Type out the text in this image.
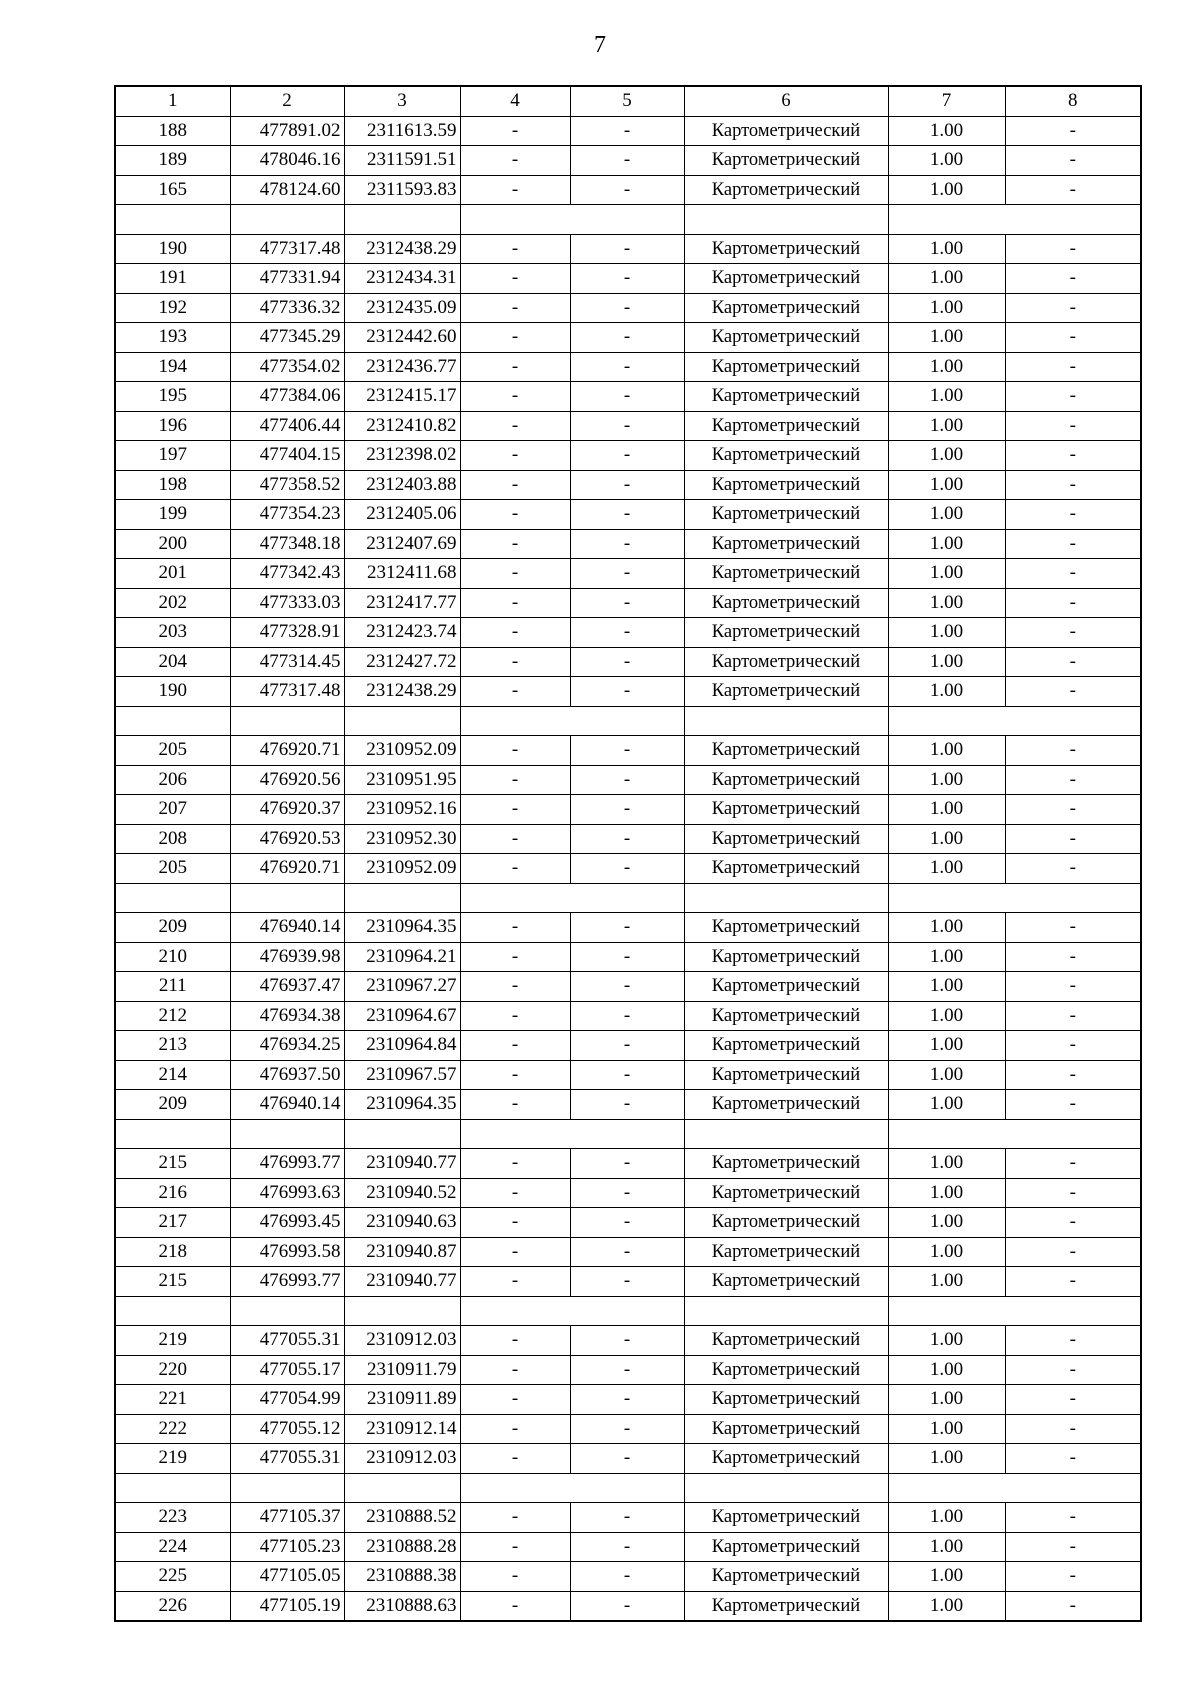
7
1	2	3	4	5	6	7	8
188	477891.02	2311613.59	-	-	Картометрический	1.00	-
189	478046.16	2311591.51	-	-	Картометрический	1.00	-
165	478124.60	2311593.83	-	-	Картометрический	1.00	-

190	477317.48	2312438.29	-	-	Картометрический	1.00	-
191	477331.94	2312434.31	-	-	Картометрический	1.00	-
192	477336.32	2312435.09	-	-	Картометрический	1.00	-
193	477345.29	2312442.60	-	-	Картометрический	1.00	-
194	477354.02	2312436.77	-	-	Картометрический	1.00	-
195	477384.06	2312415.17	-	-	Картометрический	1.00	-
196	477406.44	2312410.82	-	-	Картометрический	1.00	-
197	477404.15	2312398.02	-	-	Картометрический	1.00	-
198	477358.52	2312403.88	-	-	Картометрический	1.00	-
199	477354.23	2312405.06	-	-	Картометрический	1.00	-
200	477348.18	2312407.69	-	-	Картометрический	1.00	-
201	477342.43	2312411.68	-	-	Картометрический	1.00	-
202	477333.03	2312417.77	-	-	Картометрический	1.00	-
203	477328.91	2312423.74	-	-	Картометрический	1.00	-
204	477314.45	2312427.72	-	-	Картометрический	1.00	-
190	477317.48	2312438.29	-	-	Картометрический	1.00	-

205	476920.71	2310952.09	-	-	Картометрический	1.00	-
206	476920.56	2310951.95	-	-	Картометрический	1.00	-
207	476920.37	2310952.16	-	-	Картометрический	1.00	-
208	476920.53	2310952.30	-	-	Картометрический	1.00	-
205	476920.71	2310952.09	-	-	Картометрический	1.00	-

209	476940.14	2310964.35	-	-	Картометрический	1.00	-
210	476939.98	2310964.21	-	-	Картометрический	1.00	-
211	476937.47	2310967.27	-	-	Картометрический	1.00	-
212	476934.38	2310964.67	-	-	Картометрический	1.00	-
213	476934.25	2310964.84	-	-	Картометрический	1.00	-
214	476937.50	2310967.57	-	-	Картометрический	1.00	-
209	476940.14	2310964.35	-	-	Картометрический	1.00	-

215	476993.77	2310940.77	-	-	Картометрический	1.00	-
216	476993.63	2310940.52	-	-	Картометрический	1.00	-
217	476993.45	2310940.63	-	-	Картометрический	1.00	-
218	476993.58	2310940.87	-	-	Картометрический	1.00	-
215	476993.77	2310940.77	-	-	Картометрический	1.00	-

219	477055.31	2310912.03	-	-	Картометрический	1.00	-
220	477055.17	2310911.79	-	-	Картометрический	1.00	-
221	477054.99	2310911.89	-	-	Картометрический	1.00	-
222	477055.12	2310912.14	-	-	Картометрический	1.00	-
219	477055.31	2310912.03	-	-	Картометрический	1.00	-

223	477105.37	2310888.52	-	-	Картометрический	1.00	-
224	477105.23	2310888.28	-	-	Картометрический	1.00	-
225	477105.05	2310888.38	-	-	Картометрический	1.00	-
226	477105.19	2310888.63	-	-	Картометрический	1.00	-
